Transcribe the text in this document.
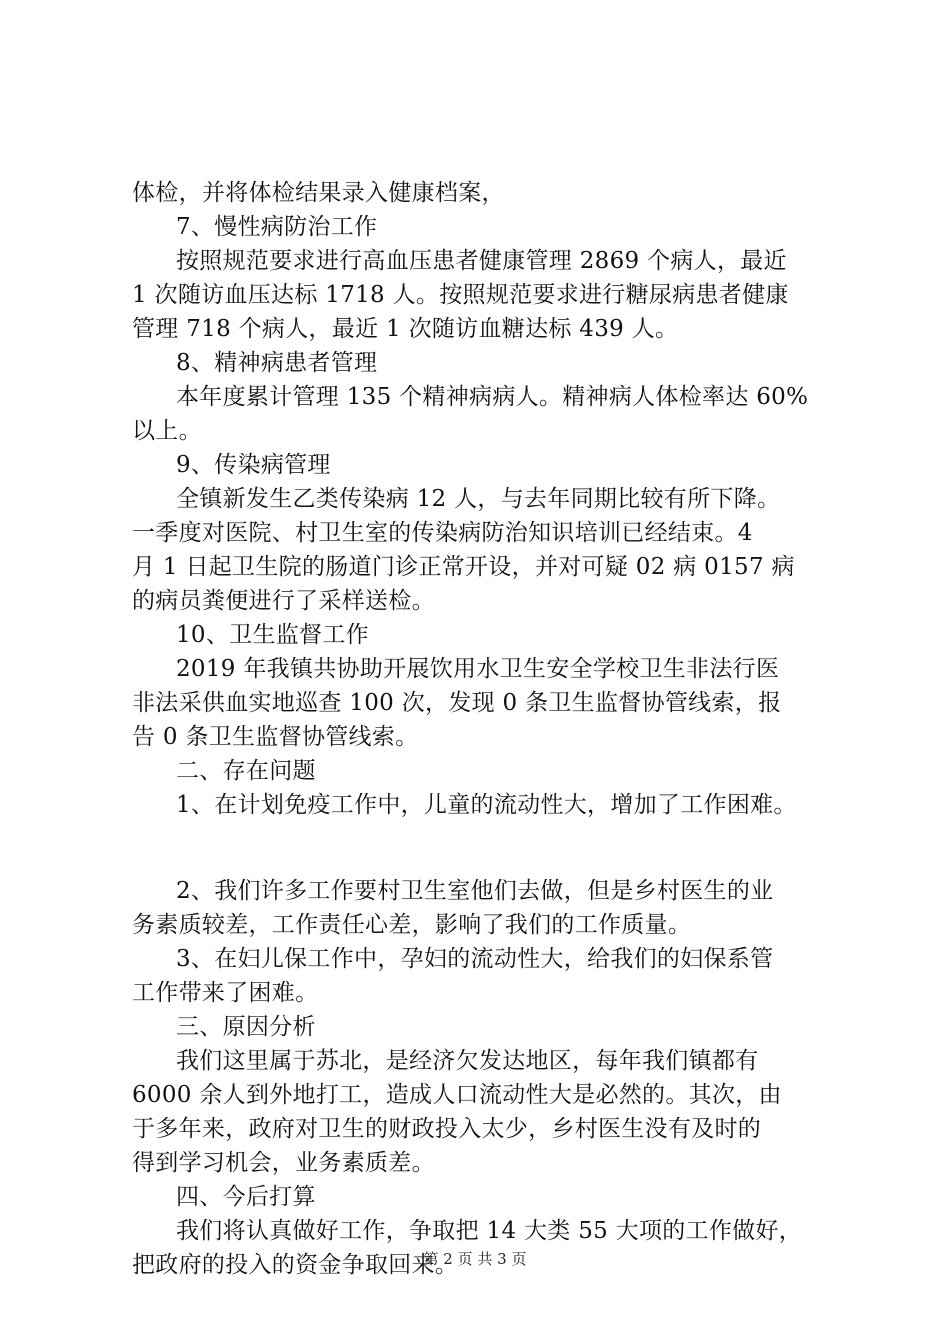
体检，并将体检结果录入健康档案，
7、慢性病防治工作
按照规范要求进行高血压患者健康管理 2869 个病人，最近
1 次随访血压达标 1718 人。按照规范要求进行糖尿病患者健康
管理 718 个病人，最近 1 次随访血糖达标 439 人。
8、精神病患者管理
本年度累计管理 135 个精神病病人。精神病人体检率达 60%
以上。
9、传染病管理
全镇新发生乙类传染病 12 人，与去年同期比较有所下降。
一季度对医院、村卫生室的传染病防治知识培训已经结束。4
月 1 日起卫生院的肠道门诊正常开设，并对可疑 02 病 0157 病
的病员粪便进行了采样送检。
10、卫生监督工作
2019 年我镇共协助开展饮用水卫生安全学校卫生非法行医
非法采供血实地巡查 100 次，发现 0 条卫生监督协管线索，报
告 0 条卫生监督协管线索。
二、存在问题
1、在计划免疫工作中，儿童的流动性大，增加了工作困难。
2、我们许多工作要村卫生室他们去做，但是乡村医生的业
务素质较差，工作责任心差，影响了我们的工作质量。
3、在妇儿保工作中，孕妇的流动性大，给我们的妇保系管
工作带来了困难。
三、原因分析
我们这里属于苏北，是经济欠发达地区，每年我们镇都有
6000 余人到外地打工，造成人口流动性大是必然的。其次，由
于多年来，政府对卫生的财政投入太少，乡村医生没有及时的
得到学习机会，业务素质差。
四、今后打算
我们将认真做好工作，争取把 14 大类 55 大项的工作做好，
把政府的投入的资金争取回来。
第 2 页 共 3 页
